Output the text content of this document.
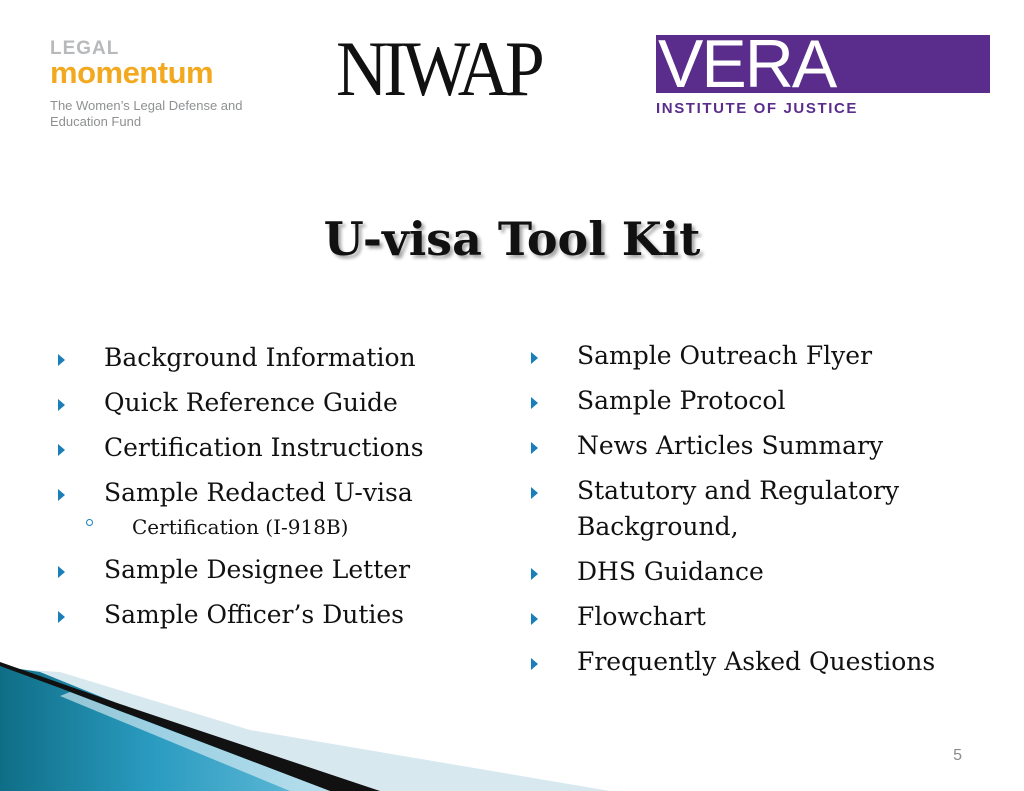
LEGAL
momentum
The Women’s Legal Defense and Education Fund
NIWAP VERA
INSTITUTE OF JUSTICE
U-visa Tool Kit
Background Information
Quick Reference Guide
Certification Instructions
Sample Redacted U-visa
Certification (I-918B)
Sample Designee Letter
Sample Officer’s Duties
Sample Outreach Flyer
Sample Protocol
News Articles Summary
Statutory and Regulatory Background,
DHS Guidance
Flowchart
Frequently Asked Questions
5
